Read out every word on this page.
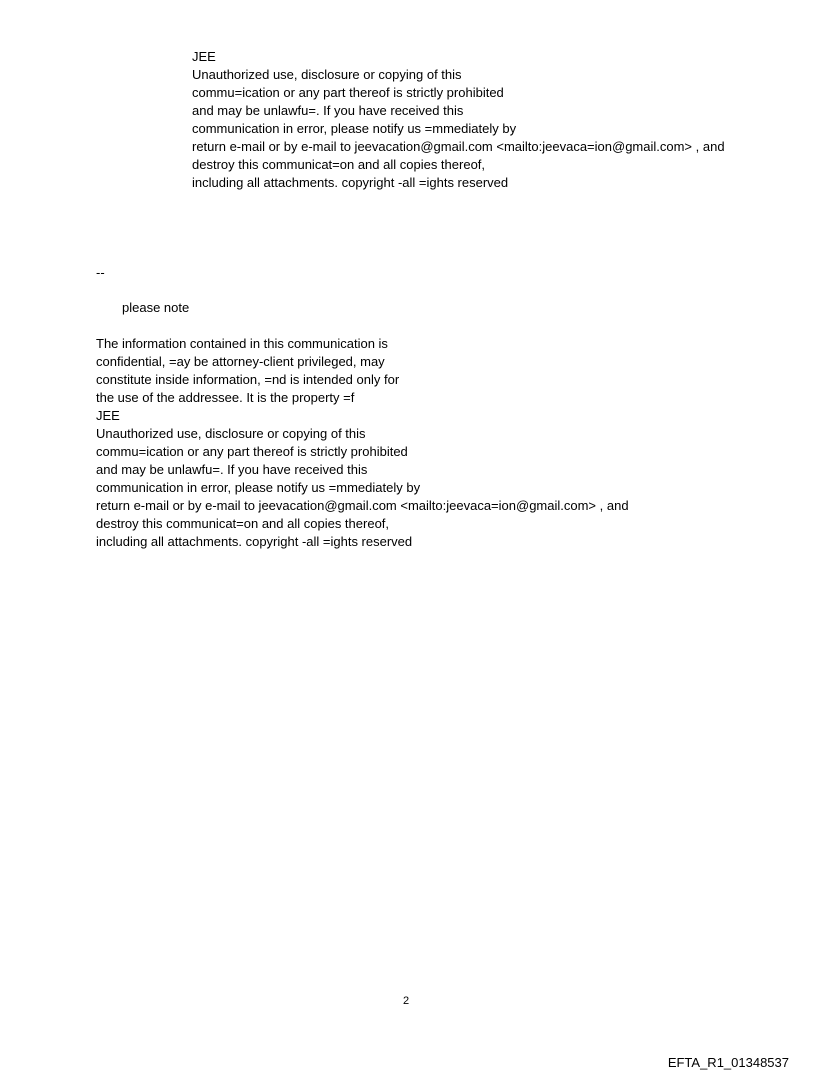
JEE
Unauthorized use, disclosure or copying of this
commu=ication or any part thereof is strictly prohibited
and may be unlawfu=. If you have received this
communication in error, please notify us =mmediately by
return e-mail or by e-mail to jeevacation@gmail.com <mailto:jeevaca=ion@gmail.com> , and
destroy this communicat=on and all copies thereof,
including all attachments. copyright -all =ights reserved
--
please note
The information contained in this communication is
confidential, =ay be attorney-client privileged, may
constitute inside information, =nd is intended only for
the use of the addressee. It is the property =f
JEE
Unauthorized use, disclosure or copying of this
commu=ication or any part thereof is strictly prohibited
and may be unlawfu=. If you have received this
communication in error, please notify us =mmediately by
return e-mail or by e-mail to jeevacation@gmail.com <mailto:jeevaca=ion@gmail.com> , and
destroy this communicat=on and all copies thereof,
including all attachments. copyright -all =ights reserved
2
EFTA_R1_01348537
